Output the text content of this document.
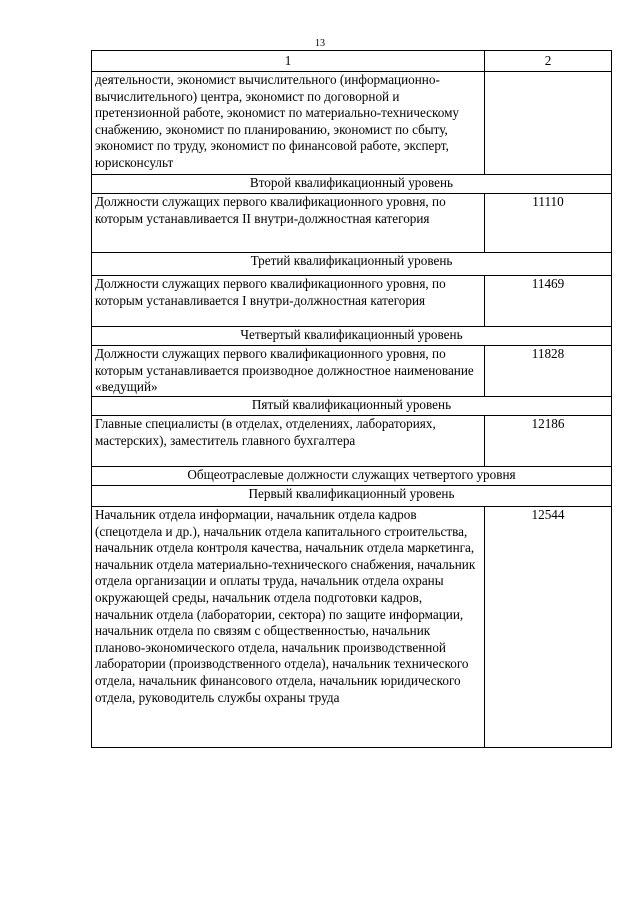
13
1	2

деятельности, экономист вычислительного (информационно-вычислительного) центра, экономист по договорной и претензионной работе, экономист по материально-техническому снабжению, экономист по планированию, экономист по сбыту, экономист по труду, экономист по финансовой работе, эксперт, юрисконсульт	
Второй квалификационный уровень	
Должности служащих первого квалификационного уровня, по которым устанавливается II внутри-должностная категория	11110
Третий квалификационный уровень	
Должности служащих первого квалификационного уровня, по которым устанавливается I внутри-должностная категория	11469
Четвертый квалификационный уровень	
Должности служащих первого квалификационного уровня, по которым устанавливается производное должностное наименование «ведущий»	11828
Пятый квалификационный уровень	
Главные специалисты (в отделах, отделениях, лабораториях, мастерских), заместитель главного бухгалтера	12186
Общеотраслевые должности служащих четвертого уровня	
Первый квалификационный уровень	
Начальник отдела информации, начальник отдела кадров (спецотдела и др.), начальник отдела капитального строительства, начальник отдела контроля качества, начальник отдела маркетинга, начальник отдела материально-технического снабжения, начальник отдела организации и оплаты труда, начальник отдела охраны окружающей среды, начальник отдела подготовки кадров, начальник отдела (лаборатории, сектора) по защите информации, начальник отдела по связям с общественностью, начальник планово-экономического отдела, начальник производственной лаборатории (производственного отдела), начальник технического отдела, начальник финансового отдела, начальник юридического отдела, руководитель службы охраны труда	12544
